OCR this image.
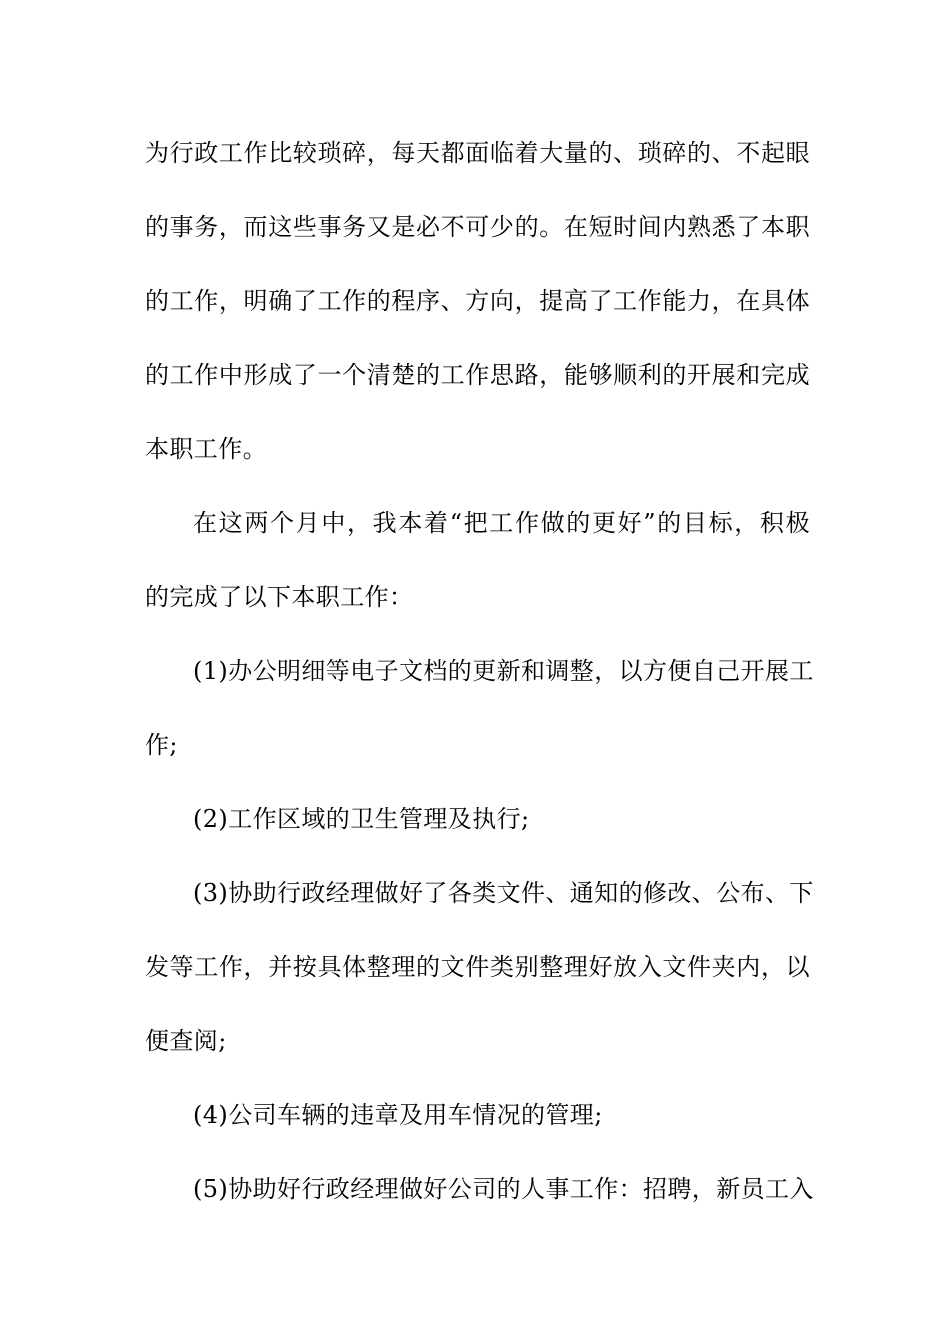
为行政工作比较琐碎，每天都面临着大量的、琐碎的、不起眼
的事务，而这些事务又是必不可少的。在短时间内熟悉了本职
的工作，明确了工作的程序、方向，提高了工作能力，在具体
的工作中形成了一个清楚的工作思路，能够顺利的开展和完成
本职工作。
在这两个月中，我本着“把工作做的更好”的目标，积极
的完成了以下本职工作：
(1)办公明细等电子文档的更新和调整，以方便自己开展工
作;
(2)工作区域的卫生管理及执行;
(3)协助行政经理做好了各类文件、通知的修改、公布、下
发等工作，并按具体整理的文件类别整理好放入文件夹内，以
便查阅;
(4)公司车辆的违章及用车情况的管理;
(5)协助好行政经理做好公司的人事工作：招聘，新员工入
